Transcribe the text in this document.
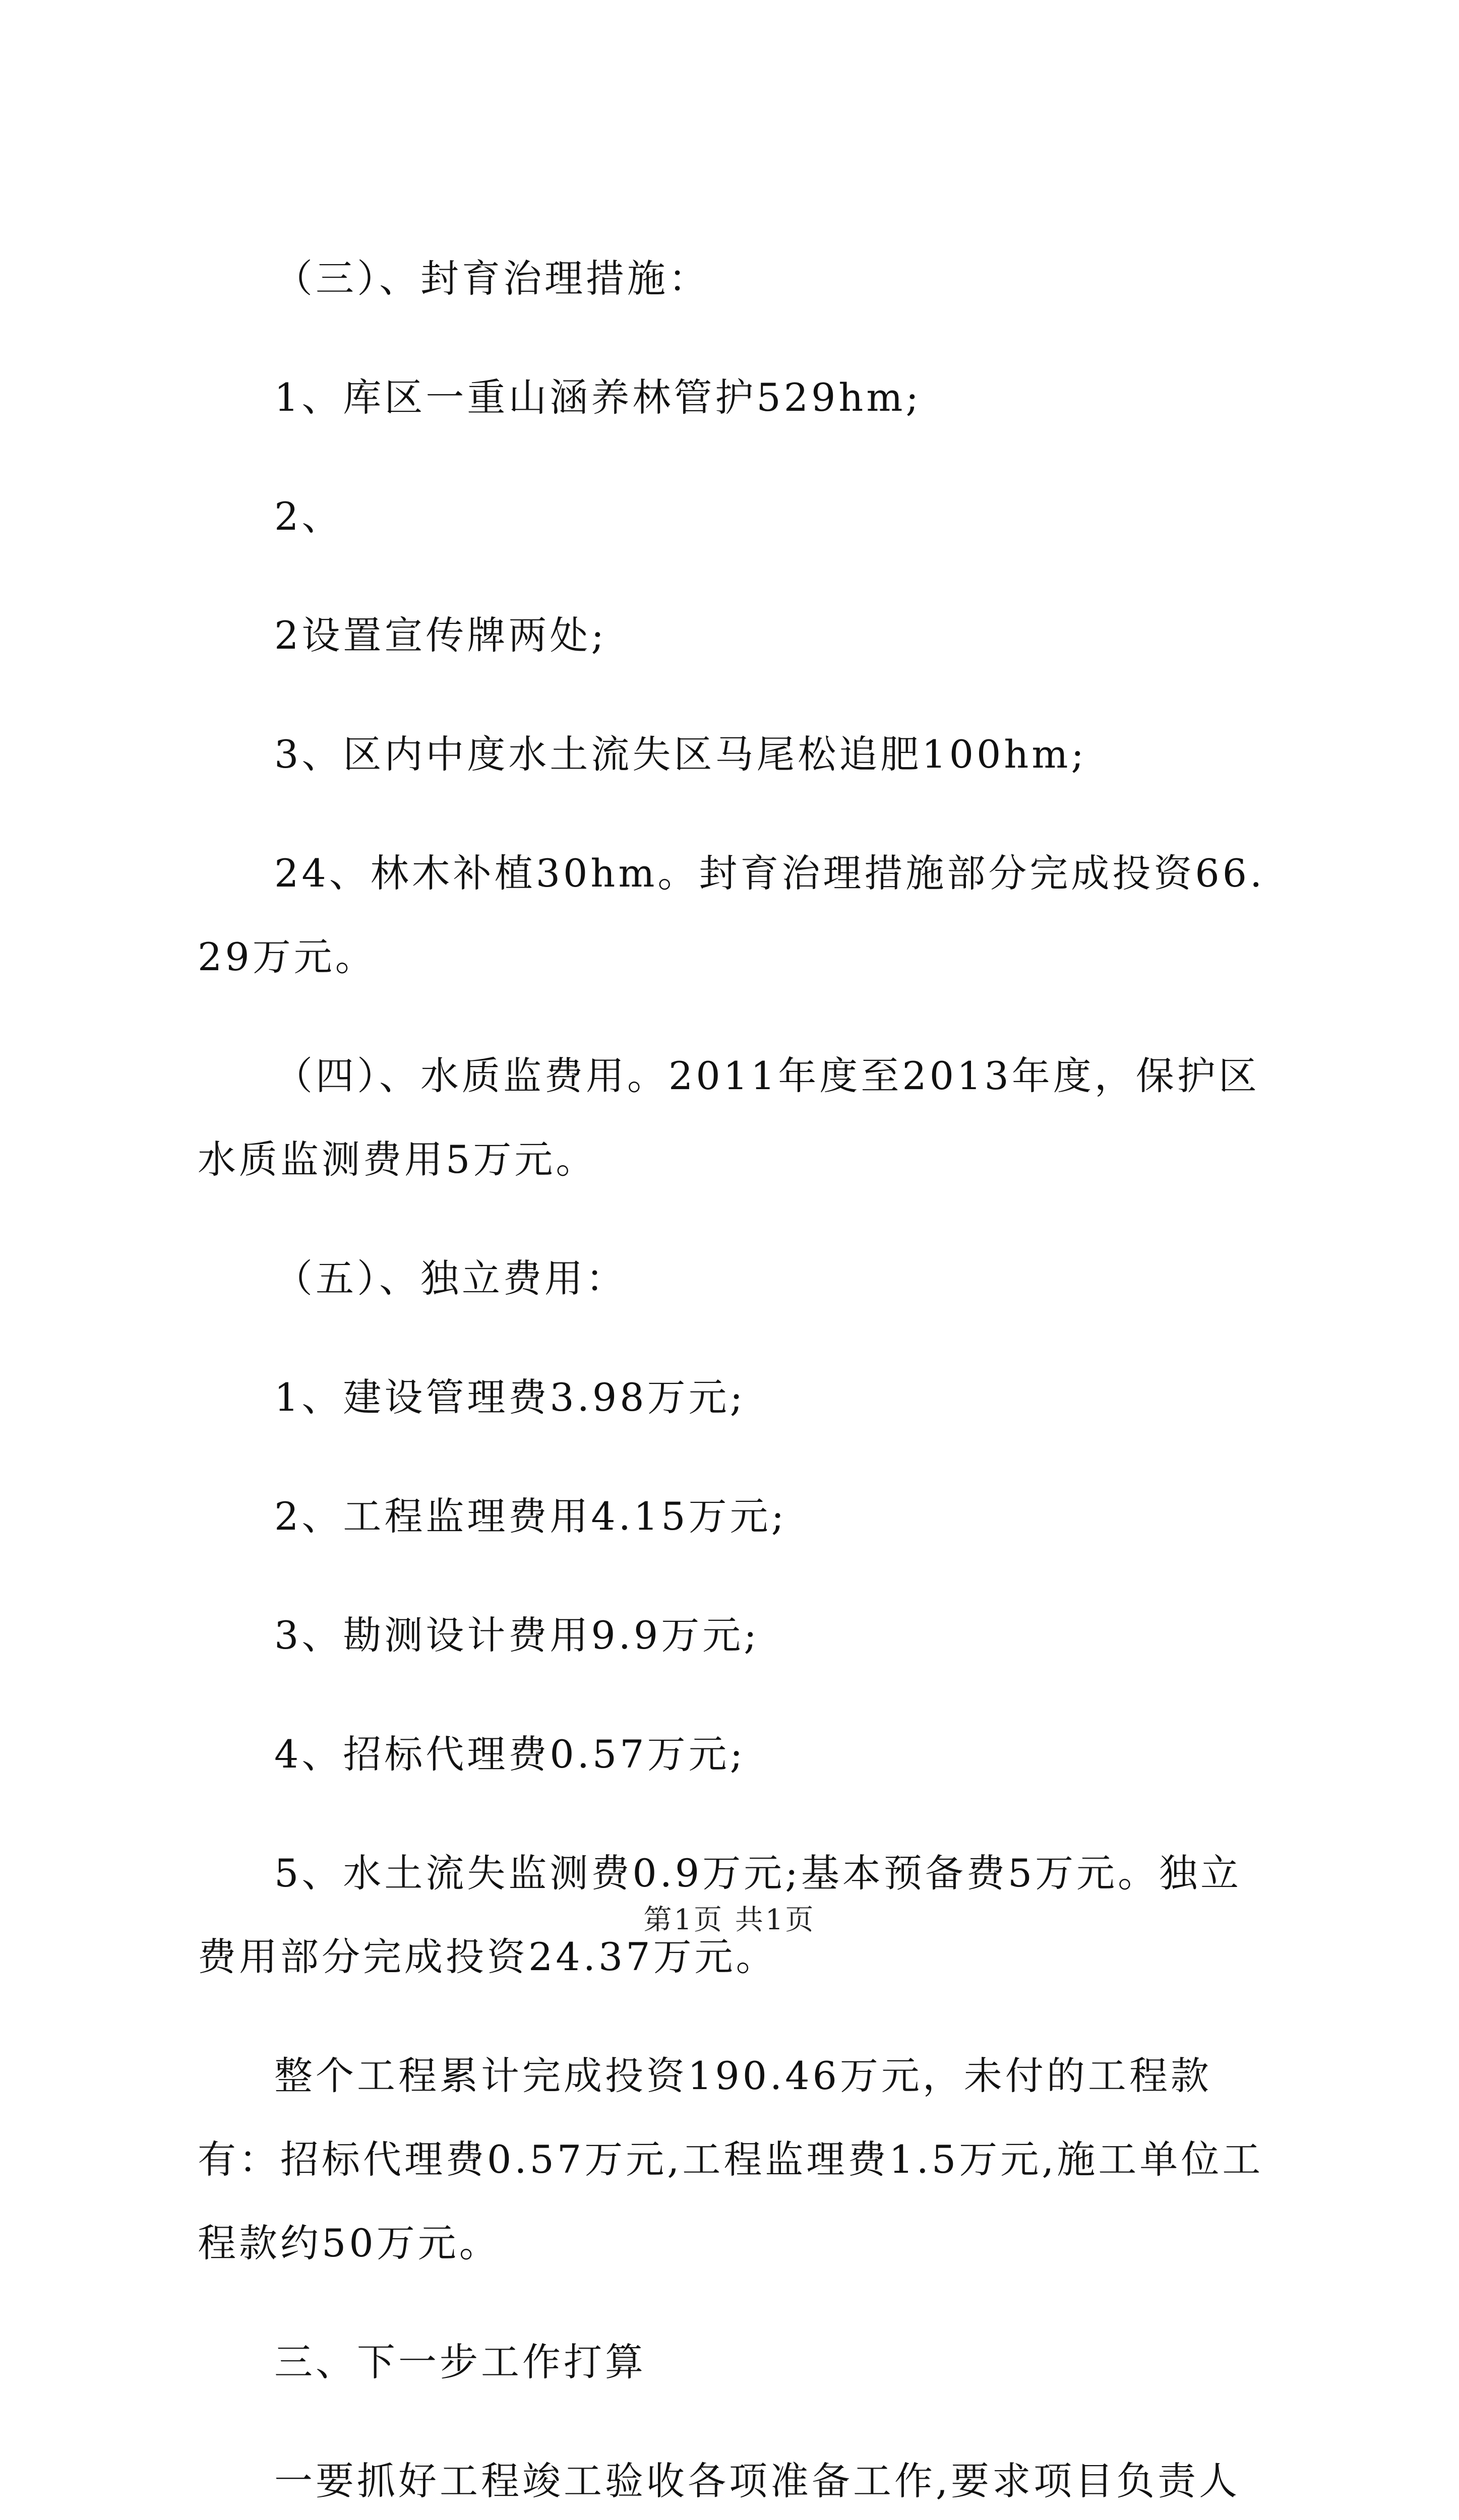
（三）、封育治理措施：

1、库区一重山涵养林管护529hm;

2、

2设置宣传牌两处;

3、区内中度水土流失区马尾松追肥100hm;

24、林木补植30hm。封育治理措施部分完成投资66.29万元。

（四）、水质监费用。2011年度至2013年度，保护区水质监测费用5万元。

（五）、独立费用：

1、建设管理费3.98万元;

2、工程监理费用4.15万元;

3、勘测设计费用9.9万元;

4、招标代理费0.57万元;

5、水土流失监测费0.9万元;基本预备费5万元。独立费用部分完成投资24.37万元。

整个工程累计完成投资190.46万元，未付的工程款有：招标代理费0.57万元,工程监理费1.5万元,施工单位工程款约50万元。

三、下一步工作打算

一要抓好工程竣工验收各项准备工作,要求项目负责人

第1页 共1页
